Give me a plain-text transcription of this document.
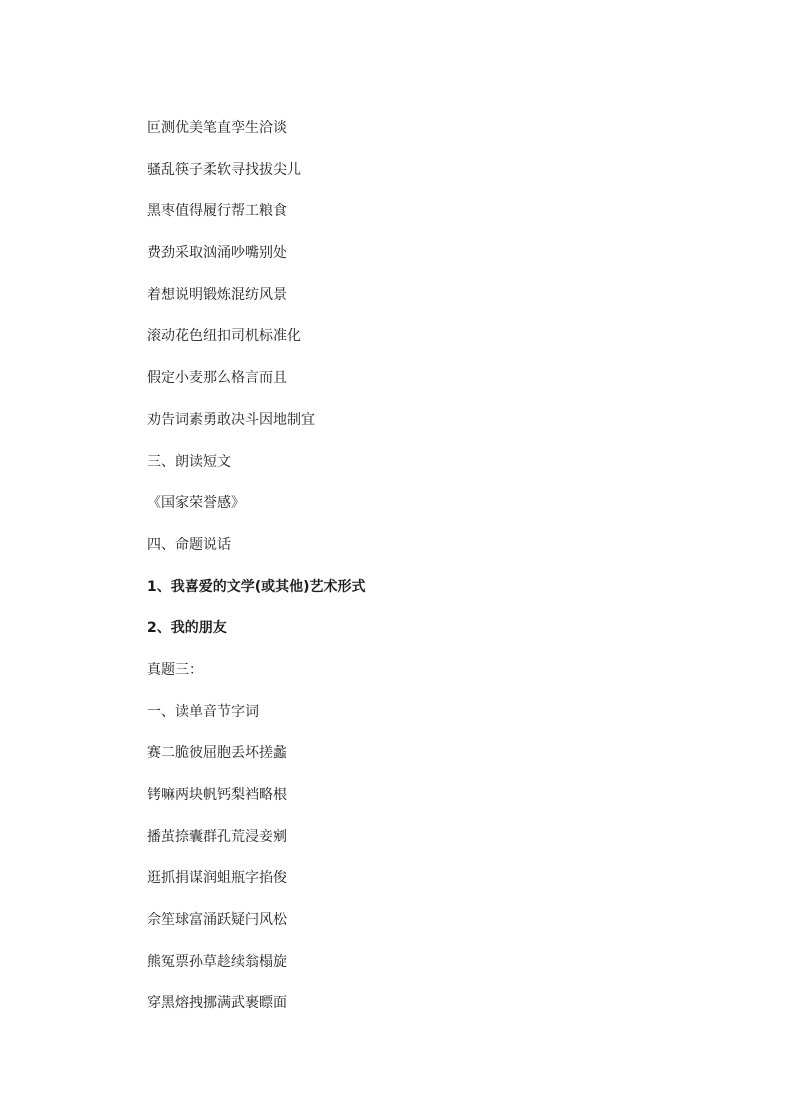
叵测优美笔直孪生洽谈
骚乱筷子柔软寻找拔尖儿
黑枣值得履行帮工粮食
费劲采取汹涌吵嘴别处
着想说明锻炼混纺风景
滚动花色纽扣司机标准化
假定小麦那么格言而且
劝告词素勇敢决斗因地制宜
三、朗读短文
《国家荣誉感》
四、命题说话
1、我喜爱的文学(或其他)艺术形式
2、我的朋友
真题三：
一、读单音节字词
赛二脆彼屈胞丢坏搓蠡
铐嘛两块帆钙梨裆略根
播茧捺囊群孔荒浸妾剜
逛抓捐谋润蛆瓶字掐俊
佘笙球富涌跃疑闩风松
熊冤票孙草趁续翁榻旋
穿黑熔拽挪满武裹瞟面
